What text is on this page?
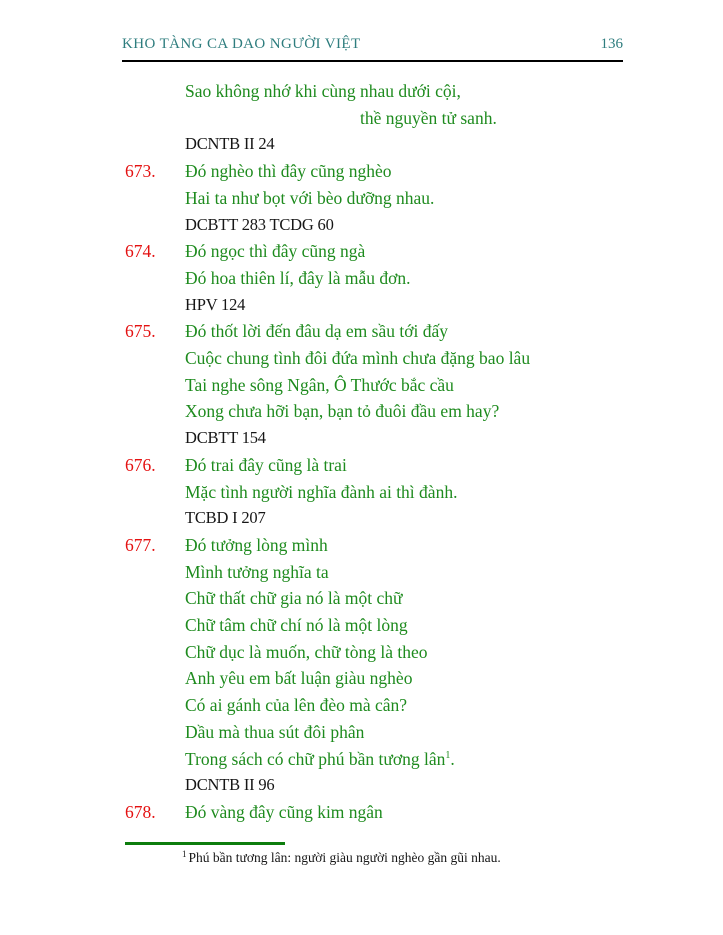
KHO TÀNG CA DAO NGƯỜI VIỆT	136
Sao không nhớ khi cùng nhau dưới cội,
thề nguyền tử sanh.
DCNTB II 24
673.	Đó nghèo thì đây cũng nghèo
Hai ta như bọt với bèo dưỡng nhau.
DCBTT 283 TCDG 60
674.	Đó ngọc thì đây cũng ngà
Đó hoa thiên lí, đây là mẫu đơn.
HPV 124
675.	Đó thốt lời đến đâu dạ em sầu tới đấy
Cuộc chung tình đôi đứa mình chưa đặng bao lâu
Tai nghe sông Ngân, Ô Thước bắc cầu
Xong chưa hỡi bạn, bạn tỏ đuôi đầu em hay?
DCBTT 154
676.	Đó trai đây cũng là trai
Mặc tình người nghĩa đành ai thì đành.
TCBD I 207
677.	Đó tưởng lòng mình
Mình tưởng nghĩa ta
Chữ thất chữ gia nó là một chữ
Chữ tâm chữ chí nó là một lòng
Chữ dục là muốn, chữ tòng là theo
Anh yêu em bất luận giàu nghèo
Có ai gánh của lên đèo mà cân?
Dầu mà thua sút đôi phân
Trong sách có chữ phú bần tương lân$^1$.
DCNTB II 96
678.	Đó vàng đây cũng kim ngân
$^1$ Phú bần tương lân: người giàu người nghèo gần gũi nhau.
